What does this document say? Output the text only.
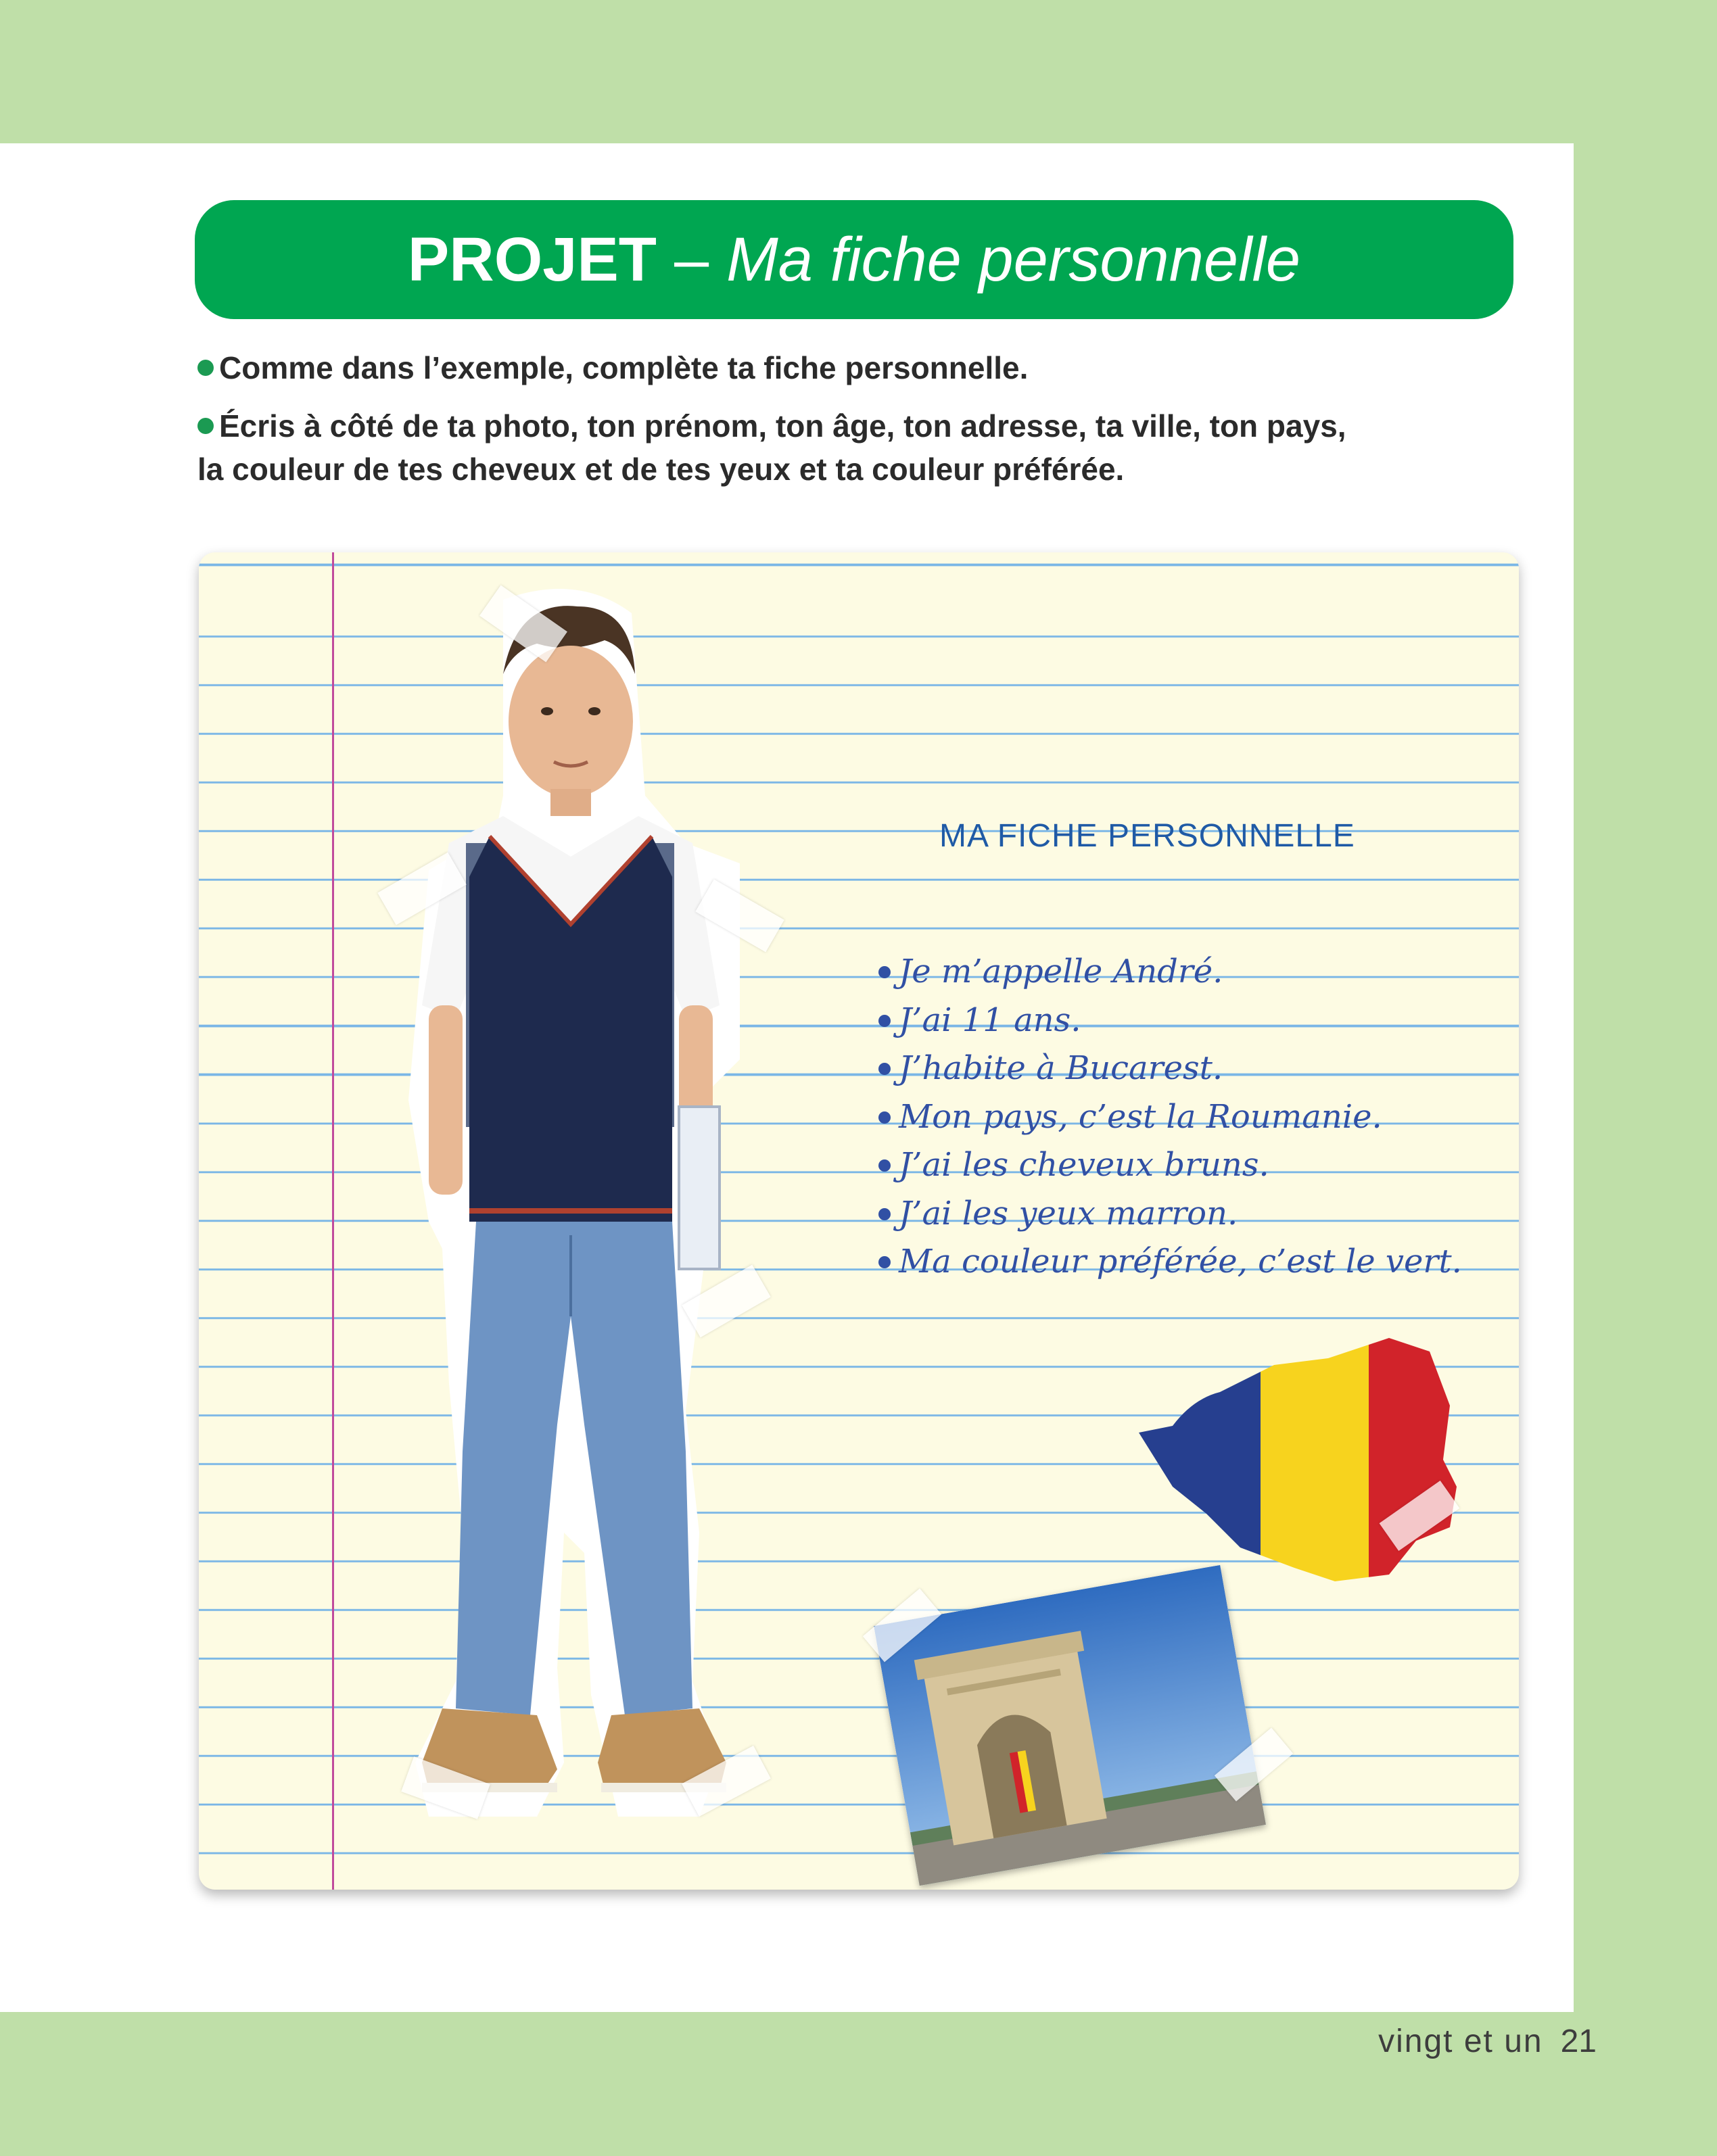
PROJET – Ma fiche personnelle
Comme dans l’exemple, complète ta fiche personnelle.
Écris à côté de ta photo, ton prénom, ton âge, ton adresse, ta ville, ton pays,
la couleur de tes cheveux et de tes yeux et ta couleur préférée.
MA FICHE PERSONNELLE
Je m’appelle André.
J’ai 11 ans.
J’habite à Bucarest.
Mon pays, c’est la Roumanie.
J’ai les cheveux bruns.
J’ai les yeux marron.
Ma couleur préférée, c’est le vert.
vingt et un 21
